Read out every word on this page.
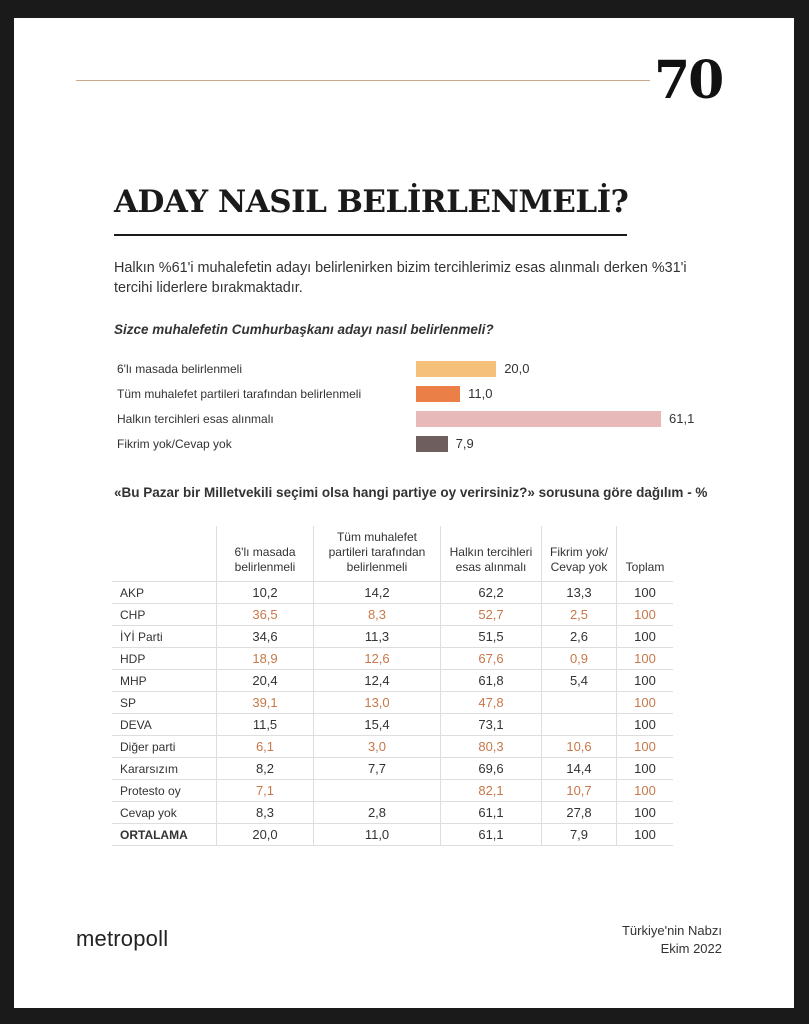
70
ADAY NASIL BELİRLENMELİ?
Halkın %61'i muhalefetin adayı belirlenirken bizim tercihlerimiz esas alınmalı derken %31'i tercihi liderlere bırakmaktadır.
Sizce muhalefetin Cumhurbaşkanı adayı nasıl belirlenmeli?
6'lı masada belirlenmeli	20,0
Tüm muhalefet partileri tarafından belirlenmeli	11,0
Halkın tercihleri esas alınmalı	61,1
Fikrim yok/Cevap yok	7,9
«Bu Pazar bir Milletvekili seçimi olsa hangi partiye oy verirsiniz?» sorusuna göre dağılım - %
	6'lı masada belirlenmeli	Tüm muhalefet partileri tarafından belirlenmeli	Halkın tercihleri esas alınmalı	Fikrim yok/ Cevap yok	Toplam
AKP	10,2	14,2	62,2	13,3	100
CHP	36,5	8,3	52,7	2,5	100
İYİ Parti	34,6	11,3	51,5	2,6	100
HDP	18,9	12,6	67,6	0,9	100
MHP	20,4	12,4	61,8	5,4	100
SP	39,1	13,0	47,8		100
DEVA	11,5	15,4	73,1		100
Diğer parti	6,1	3,0	80,3	10,6	100
Kararsızım	8,2	7,7	69,6	14,4	100
Protesto oy	7,1		82,1	10,7	100
Cevap yok	8,3	2,8	61,1	27,8	100
ORTALAMA	20,0	11,0	61,1	7,9	100
metropoll	Türkiye'nin Nabzı
Ekim 2022
